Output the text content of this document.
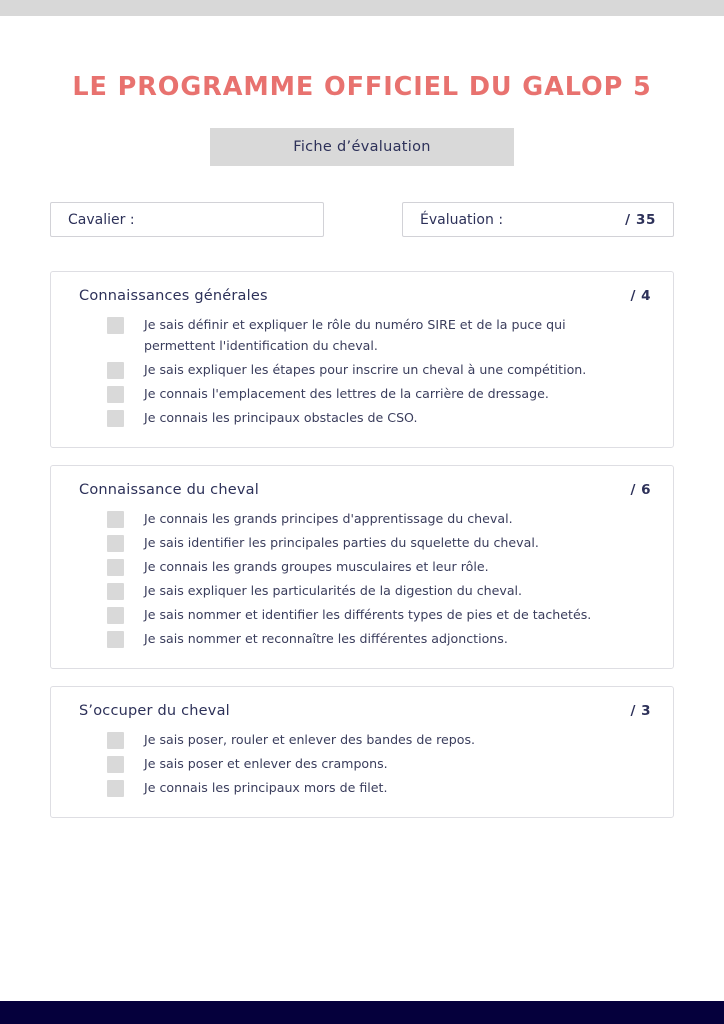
LE PROGRAMME OFFICIEL DU GALOP 5
Fiche d’évaluation
Cavalier :	Évaluation :	/ 35
Connaissances générales	/ 4
Je sais définir et expliquer le rôle du numéro SIRE et de la puce qui permettent l'identification du cheval.
Je sais expliquer les étapes pour inscrire un cheval à une compétition.
Je connais l'emplacement des lettres de la carrière de dressage.
Je connais les principaux obstacles de CSO.
Connaissance du cheval	/ 6
Je connais les grands principes d'apprentissage du cheval.
Je sais identifier les principales parties du squelette du cheval.
Je connais les grands groupes musculaires et leur rôle.
Je sais expliquer les particularités de la digestion du cheval.
Je sais nommer et identifier les différents types de pies et de tachetés.
Je sais nommer et reconnaître les différentes adjonctions.
S’occuper du cheval	/ 3
Je sais poser, rouler et enlever des bandes de repos.
Je sais poser et enlever des crampons.
Je connais les principaux mors de filet.
